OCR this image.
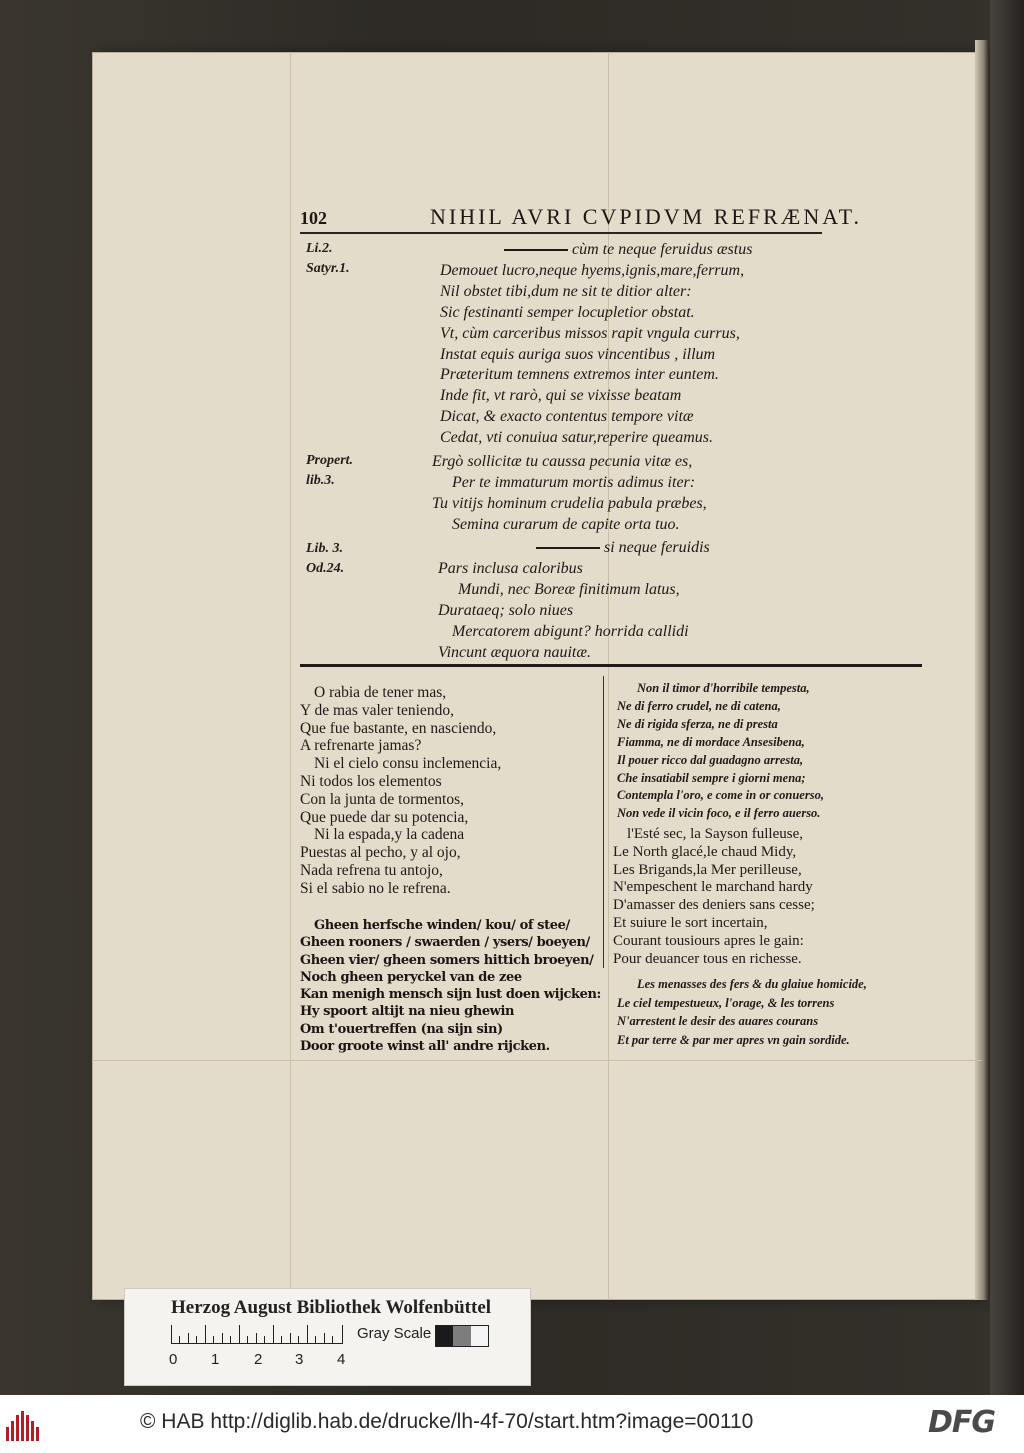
102	NIHIL AVRI CVPIDVM REFRÆNAT.
Li.2.
Satyr.1.
Propert.
lib.3.
Lib. 3.
Od.24.
cùm te neque feruidus æstus
Demouet lucro,neque hyems,ignis,mare,ferrum,
Nil obstet tibi,dum ne sit te ditior alter:
Sic festinanti semper locupletior obstat.
Vt, cùm carceribus missos rapit vngula currus,
Instat equis auriga suos vincentibus , illum
Præteritum temnens extremos inter euntem.
Inde fit, vt rarò, qui se vixisse beatam
Dicat, & exacto contentus tempore vitæ
Cedat, vti conuiua satur,reperire queamus.
Ergò sollicitæ tu caussa pecunia vitæ es,
Per te immaturum mortis adimus iter:
Tu vitijs hominum crudelia pabula præbes,
Semina curarum de capite orta tuo.
si neque feruidis
Pars inclusa caloribus
Mundi, nec Boreæ finitimum latus,
Durataeq; solo niues
Mercatorem abigunt? horrida callidi
Vincunt æquora nauitæ.
O rabia de tener mas,
Y de mas valer teniendo,
Que fue bastante, en nasciendo,
A refrenarte jamas?
Ni el cielo consu inclemencia,
Ni todos los elementos
Con la junta de tormentos,
Que puede dar su potencia,
Ni la espada,y la cadena
Puestas al pecho, y al ojo,
Nada refrena tu antojo,
Si el sabio no le refrena.
Gheen herfsche winden/ kou/ of stee/
Gheen rooners / swaerden / ysers/ boeyen/
Gheen vier/ gheen somers hittich broeyen/
Noch gheen peryckel van de zee
Kan menigh mensch sijn lust doen wijcken:
Hy spoort altijt na nieu ghewin
Om t'ouertreffen (na sijn sin)
Door groote winst all' andre rijcken.
Non il timor d'horribile tempesta,
Ne di ferro crudel, ne di catena,
Ne di rigida sferza, ne di presta
Fiamma, ne di mordace Ansesibena,
Il pouer ricco dal guadagno arresta,
Che insatiabil sempre i giorni mena;
Contempla l'oro, e come in or conuerso,
Non vede il vicin foco, e il ferro auerso.
l'Esté sec, la Sayson fulleuse,
Le North glacé,le chaud Midy,
Les Brigands,la Mer perilleuse,
N'empeschent le marchand hardy
D'amasser des deniers sans cesse;
Et suiure le sort incertain,
Courant tousiours apres le gain:
Pour deuancer tous en richesse.
Les menasses des fers & du glaiue homicide,
Le ciel tempestueux, l'orage, & les torrens
N'arrestent le desir des auares courans
Et par terre & par mer apres vn gain sordide.
Herzog August Bibliothek Wolfenbüttel
0 1 2 3 4
Gray Scale
© HAB http://diglib.hab.de/drucke/lh-4f-70/start.htm?image=00110	DFG
